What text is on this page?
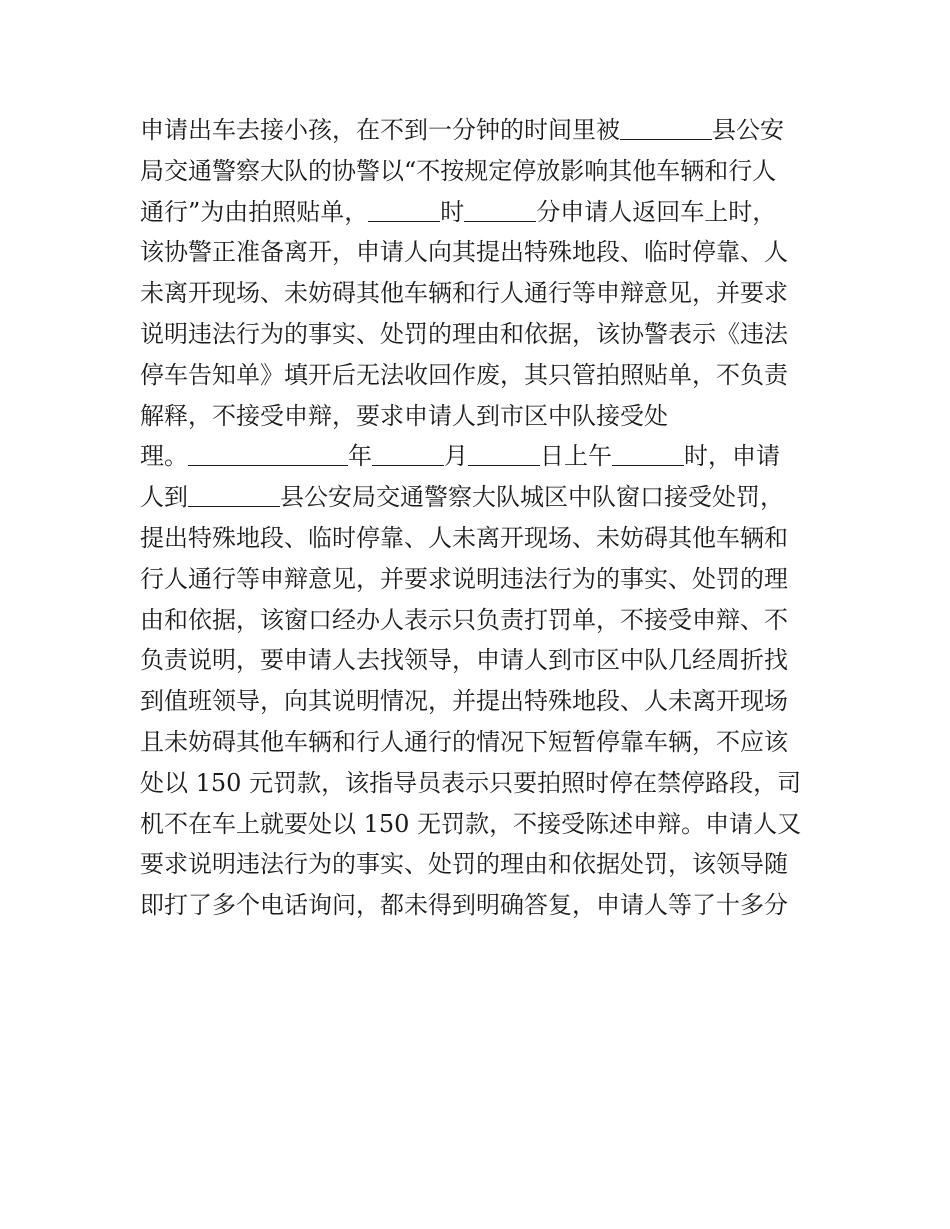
申请出车去接小孩，在不到一分钟的时间里被	县公安
局交通警察大队的协警以“不按规定停放影响其他车辆和行人
通行”为由拍照贴单，	时	分申请人返回车上时，
该协警正准备离开，申请人向其提出特殊地段、临时停靠、人
未离开现场、未妨碍其他车辆和行人通行等申辩意见，并要求
说明违法行为的事实、处罚的理由和依据，该协警表示《违法
停车告知单》填开后无法收回作废，其只管拍照贴单，不负责
解释，不接受申辩，要求申请人到市区中队接受处
理。	年	月	日上午	时，申请
人到	县公安局交通警察大队城区中队窗口接受处罚，
提出特殊地段、临时停靠、人未离开现场、未妨碍其他车辆和
行人通行等申辩意见，并要求说明违法行为的事实、处罚的理
由和依据，该窗口经办人表示只负责打罚单，不接受申辩、不
负责说明，要申请人去找领导，申请人到市区中队几经周折找
到值班领导，向其说明情况，并提出特殊地段、人未离开现场
且未妨碍其他车辆和行人通行的情况下短暂停靠车辆，不应该
处以 150 元罚款，该指导员表示只要拍照时停在禁停路段，司
机不在车上就要处以 150 无罚款，不接受陈述申辩。申请人又
要求说明违法行为的事实、处罚的理由和依据处罚，该领导随
即打了多个电话询问，都未得到明确答复，申请人等了十多分
